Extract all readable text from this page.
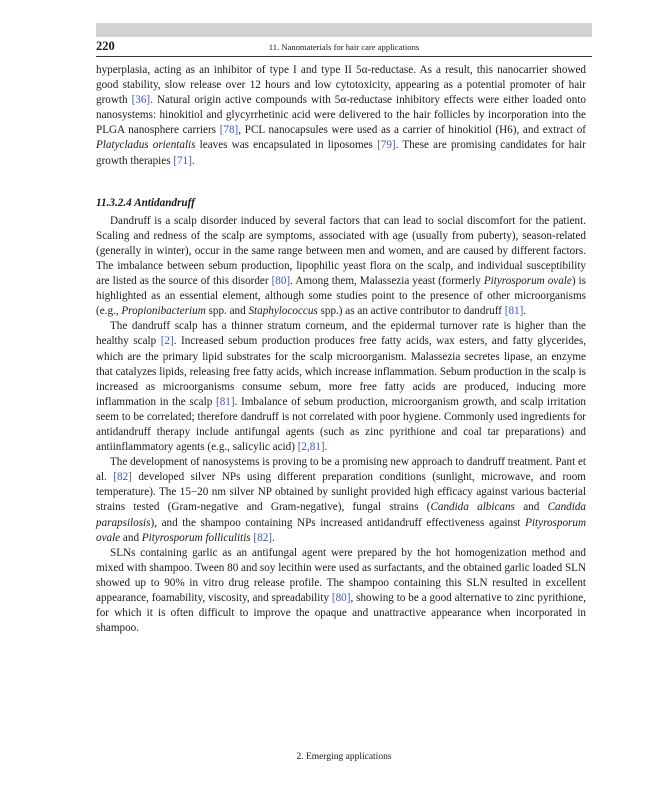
220	11. Nanomaterials for hair care applications

hyperplasia, acting as an inhibitor of type I and type II 5α-reductase. As a result, this nanocarrier showed good stability, slow release over 12 hours and low cytotoxicity, appearing as a potential promoter of hair growth [36]. Natural origin active compounds with 5α-reductase inhibitory effects were either loaded onto nanosystems: hinokitiol and glycyrrhetinic acid were delivered to the hair follicles by incorporation into the PLGA nanosphere carriers [78], PCL nanocapsules were used as a carrier of hinokitiol (H6), and extract of Platycladus orientalis leaves was encapsulated in liposomes [79]. These are promising candidates for hair growth therapies [71].

11.3.2.4 Antidandruff

Dandruff is a scalp disorder induced by several factors that can lead to social discomfort for the patient. Scaling and redness of the scalp are symptoms, associated with age (usually from puberty), season-related (generally in winter), occur in the same range between men and women, and are caused by different factors. The imbalance between sebum production, lipophilic yeast flora on the scalp, and individual susceptibility are listed as the source of this disorder [80]. Among them, Malassezia yeast (formerly Pityrosporum ovale) is highlighted as an essential element, although some studies point to the presence of other microorganisms (e.g., Propionibacterium spp. and Staphylococcus spp.) as an active contributor to dandruff [81].

The dandruff scalp has a thinner stratum corneum, and the epidermal turnover rate is higher than the healthy scalp [2]. Increased sebum production produces free fatty acids, wax esters, and fatty glycerides, which are the primary lipid substrates for the scalp microorganism. Malassezia secretes lipase, an enzyme that catalyzes lipids, releasing free fatty acids, which increase inflammation. Sebum production in the scalp is increased as microorganisms consume sebum, more free fatty acids are produced, inducing more inflammation in the scalp [81]. Imbalance of sebum production, microorganism growth, and scalp irritation seem to be correlated; therefore dandruff is not correlated with poor hygiene. Commonly used ingredients for antidandruff therapy include antifungal agents (such as zinc pyrithione and coal tar preparations) and antiinflammatory agents (e.g., salicylic acid) [2,81].

The development of nanosystems is proving to be a promising new approach to dandruff treatment. Pant et al. [82] developed silver NPs using different preparation conditions (sunlight, microwave, and room temperature). The 15−20 nm silver NP obtained by sunlight provided high efficacy against various bacterial strains tested (Gram-negative and Gram-negative), fungal strains (Candida albicans and Candida parapsilosis), and the shampoo containing NPs increased antidandruff effectiveness against Pityrosporum ovale and Pityrosporum folliculitis [82].

SLNs containing garlic as an antifungal agent were prepared by the hot homogenization method and mixed with shampoo. Tween 80 and soy lecithin were used as surfactants, and the obtained garlic loaded SLN showed up to 90% in vitro drug release profile. The shampoo containing this SLN resulted in excellent appearance, foamability, viscosity, and spreadability [80], showing to be a good alternative to zinc pyrithione, for which it is often difficult to improve the opaque and unattractive appearance when incorporated in shampoo.

2. Emerging applications
